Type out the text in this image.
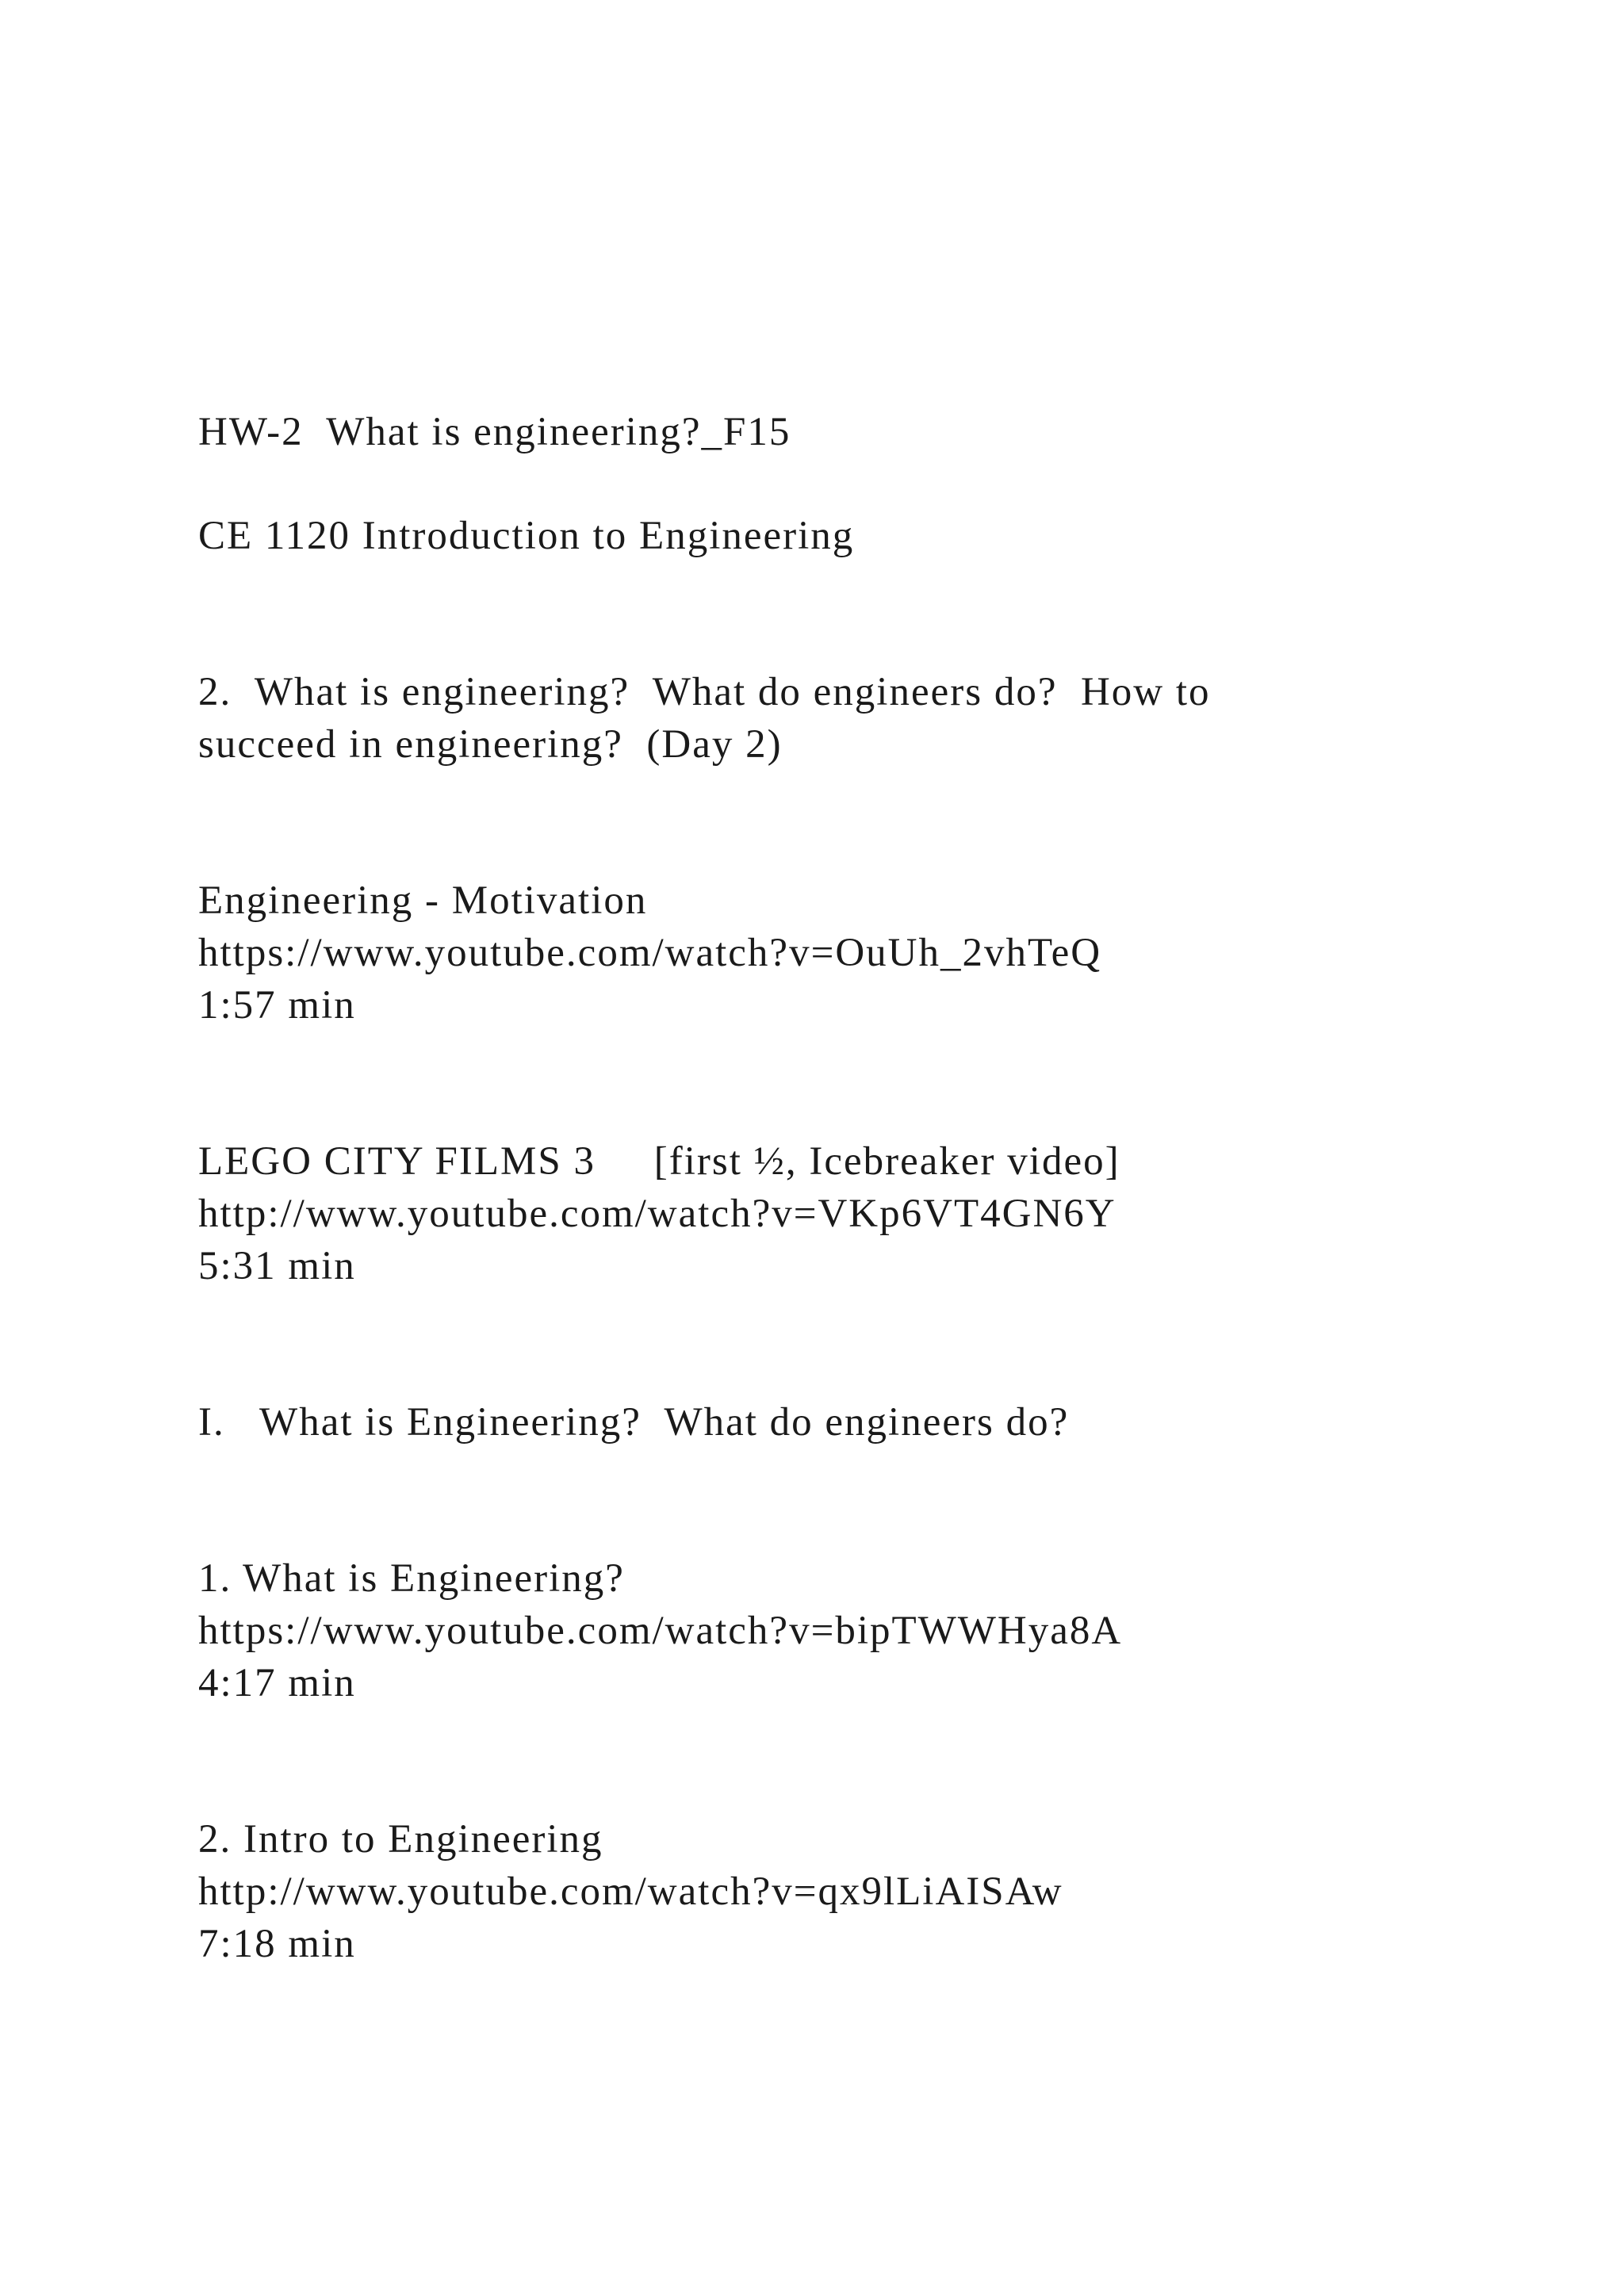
HW-2  What is engineering?_F15
CE 1120 Introduction to Engineering
2.  What is engineering?  What do engineers do?  How to
succeed in engineering?  (Day 2)
Engineering - Motivation
https://www.youtube.com/watch?v=OuUh_2vhTeQ
1:57 min
LEGO CITY FILMS 3     [first ½, Icebreaker video]
http://www.youtube.com/watch?v=VKp6VT4GN6Y
5:31 min
I.   What is Engineering?  What do engineers do?
1. What is Engineering?
https://www.youtube.com/watch?v=bipTWWHya8A
4:17 min
2. Intro to Engineering
http://www.youtube.com/watch?v=qx9lLiAISAw
7:18 min
